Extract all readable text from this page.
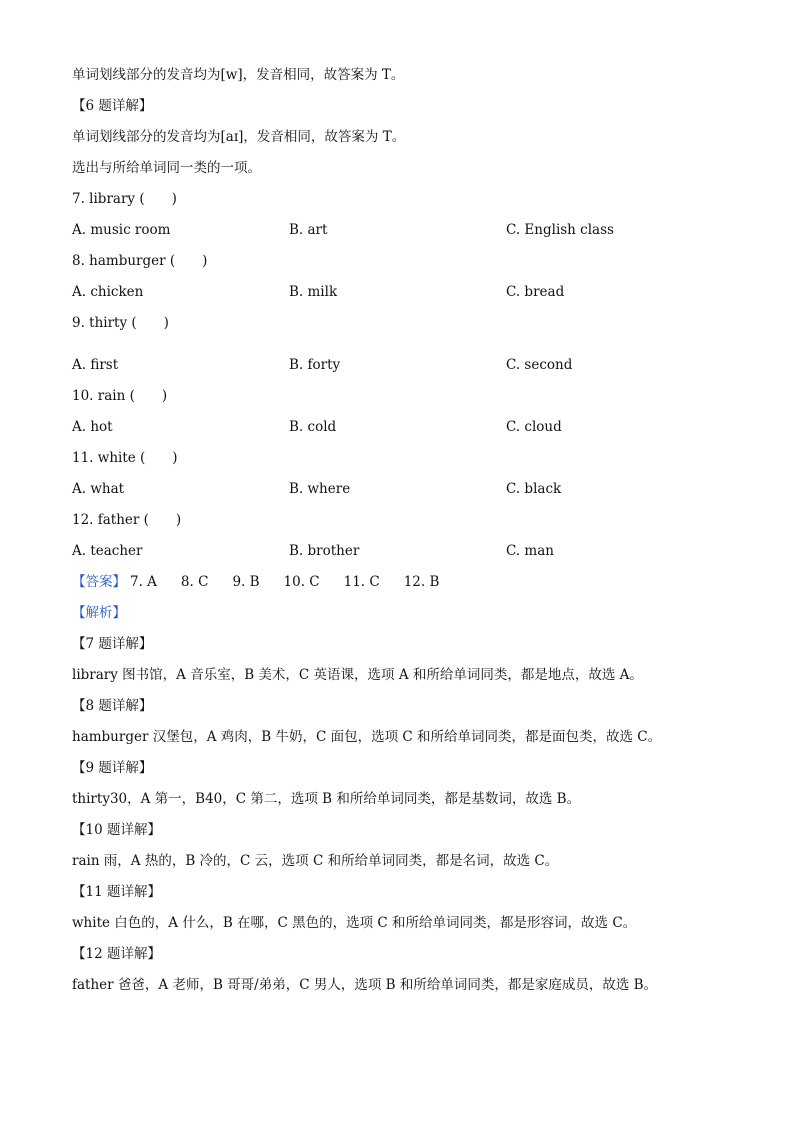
单词划线部分的发音均为[w]，发音相同，故答案为 T。
【6 题详解】
单词划线部分的发音均为[aɪ]，发音相同，故答案为 T。
选出与所给单词同一类的一项。
7. library (　　)
A. music room	B. art	C. English class
8. hamburger (　　)
A. chicken	B. milk	C. bread
9. thirty (　　)
A. first	B. forty	C. second
10. rain (　　)
A. hot	B. cold	C. cloud
11. white (　　)
A. what	B. where	C. black
12. father (　　)
A. teacher	B. brother	C. man
【答案】 7. A 8. C 9. B 10. C 11. C 12. B
【解析】
【7 题详解】
library 图书馆，A 音乐室，B 美术，C 英语课，选项 A 和所给单词同类，都是地点，故选 A。
【8 题详解】
hamburger 汉堡包，A 鸡肉，B 牛奶，C 面包，选项 C 和所给单词同类，都是面包类，故选 C。
【9 题详解】
thirty30，A 第一，B40，C 第二，选项 B 和所给单词同类，都是基数词，故选 B。
【10 题详解】
rain 雨，A 热的，B 冷的，C 云，选项 C 和所给单词同类，都是名词，故选 C。
【11 题详解】
white 白色的，A 什么，B 在哪，C 黑色的，选项 C 和所给单词同类，都是形容词，故选 C。
【12 题详解】
father 爸爸，A 老师，B 哥哥/弟弟，C 男人，选项 B 和所给单词同类，都是家庭成员，故选 B。
